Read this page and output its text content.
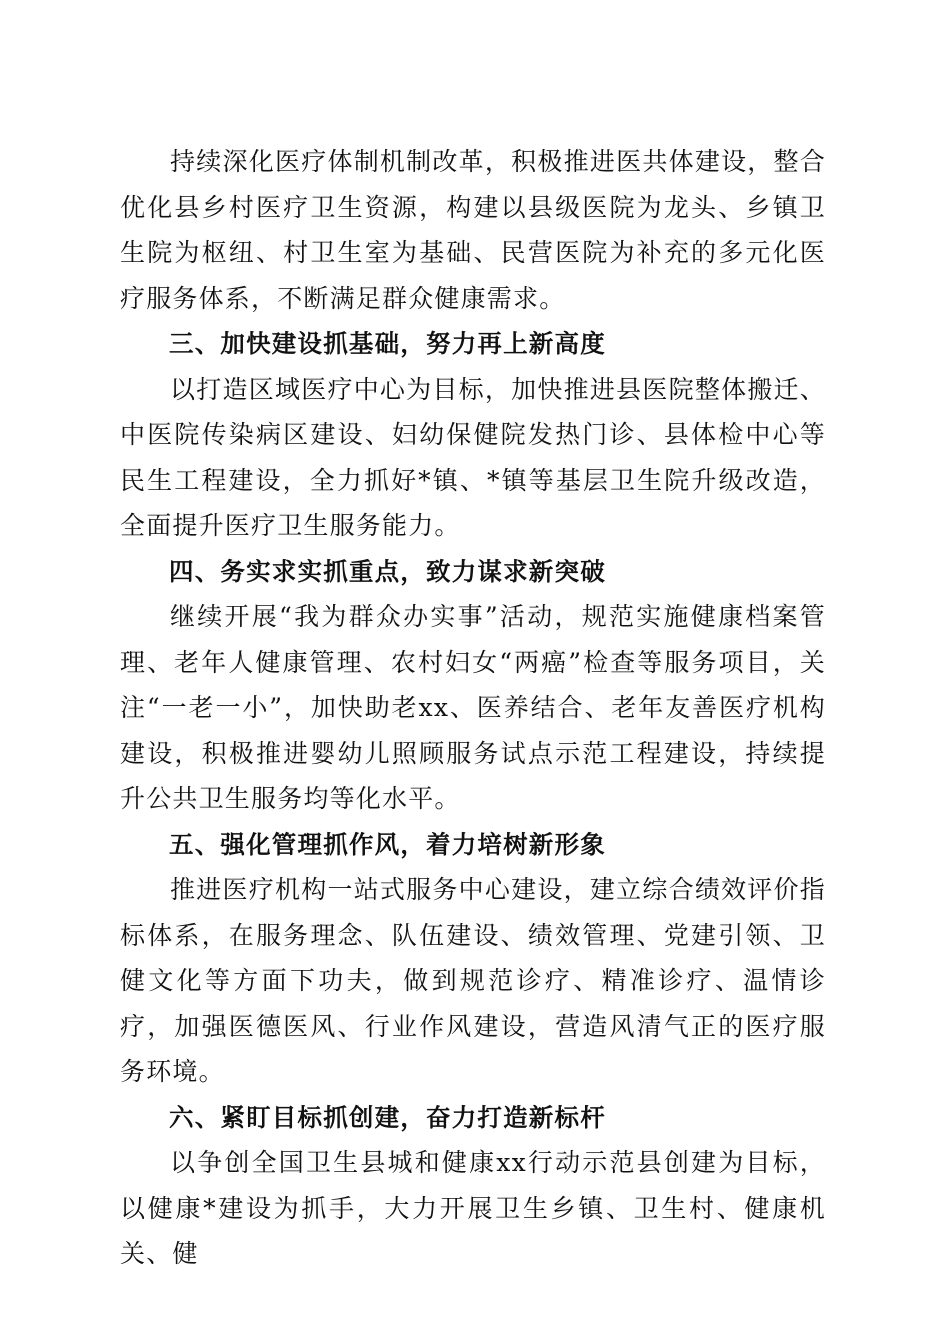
持续深化医疗体制机制改革，积极推进医共体建设，整合优化县乡村医疗卫生资源，构建以县级医院为龙头、乡镇卫生院为枢纽、村卫生室为基础、民营医院为补充的多元化医疗服务体系，不断满足群众健康需求。

三、加快建设抓基础，努力再上新高度

以打造区域医疗中心为目标，加快推进县医院整体搬迁、中医院传染病区建设、妇幼保健院发热门诊、县体检中心等民生工程建设，全力抓好*镇、*镇等基层卫生院升级改造，全面提升医疗卫生服务能力。

四、务实求实抓重点，致力谋求新突破

继续开展“我为群众办实事”活动，规范实施健康档案管理、老年人健康管理、农村妇女“两癌”检查等服务项目，关注“一老一小”，加快助老xx、医养结合、老年友善医疗机构建设，积极推进婴幼儿照顾服务试点示范工程建设，持续提升公共卫生服务均等化水平。

五、强化管理抓作风，着力培树新形象

推进医疗机构一站式服务中心建设，建立综合绩效评价指标体系，在服务理念、队伍建设、绩效管理、党建引领、卫健文化等方面下功夫，做到规范诊疗、精准诊疗、温情诊疗，加强医德医风、行业作风建设，营造风清气正的医疗服务环境。

六、紧盯目标抓创建，奋力打造新标杆

以争创全国卫生县城和健康xx行动示范县创建为目标，以健康*建设为抓手，大力开展卫生乡镇、卫生村、健康机关、健
